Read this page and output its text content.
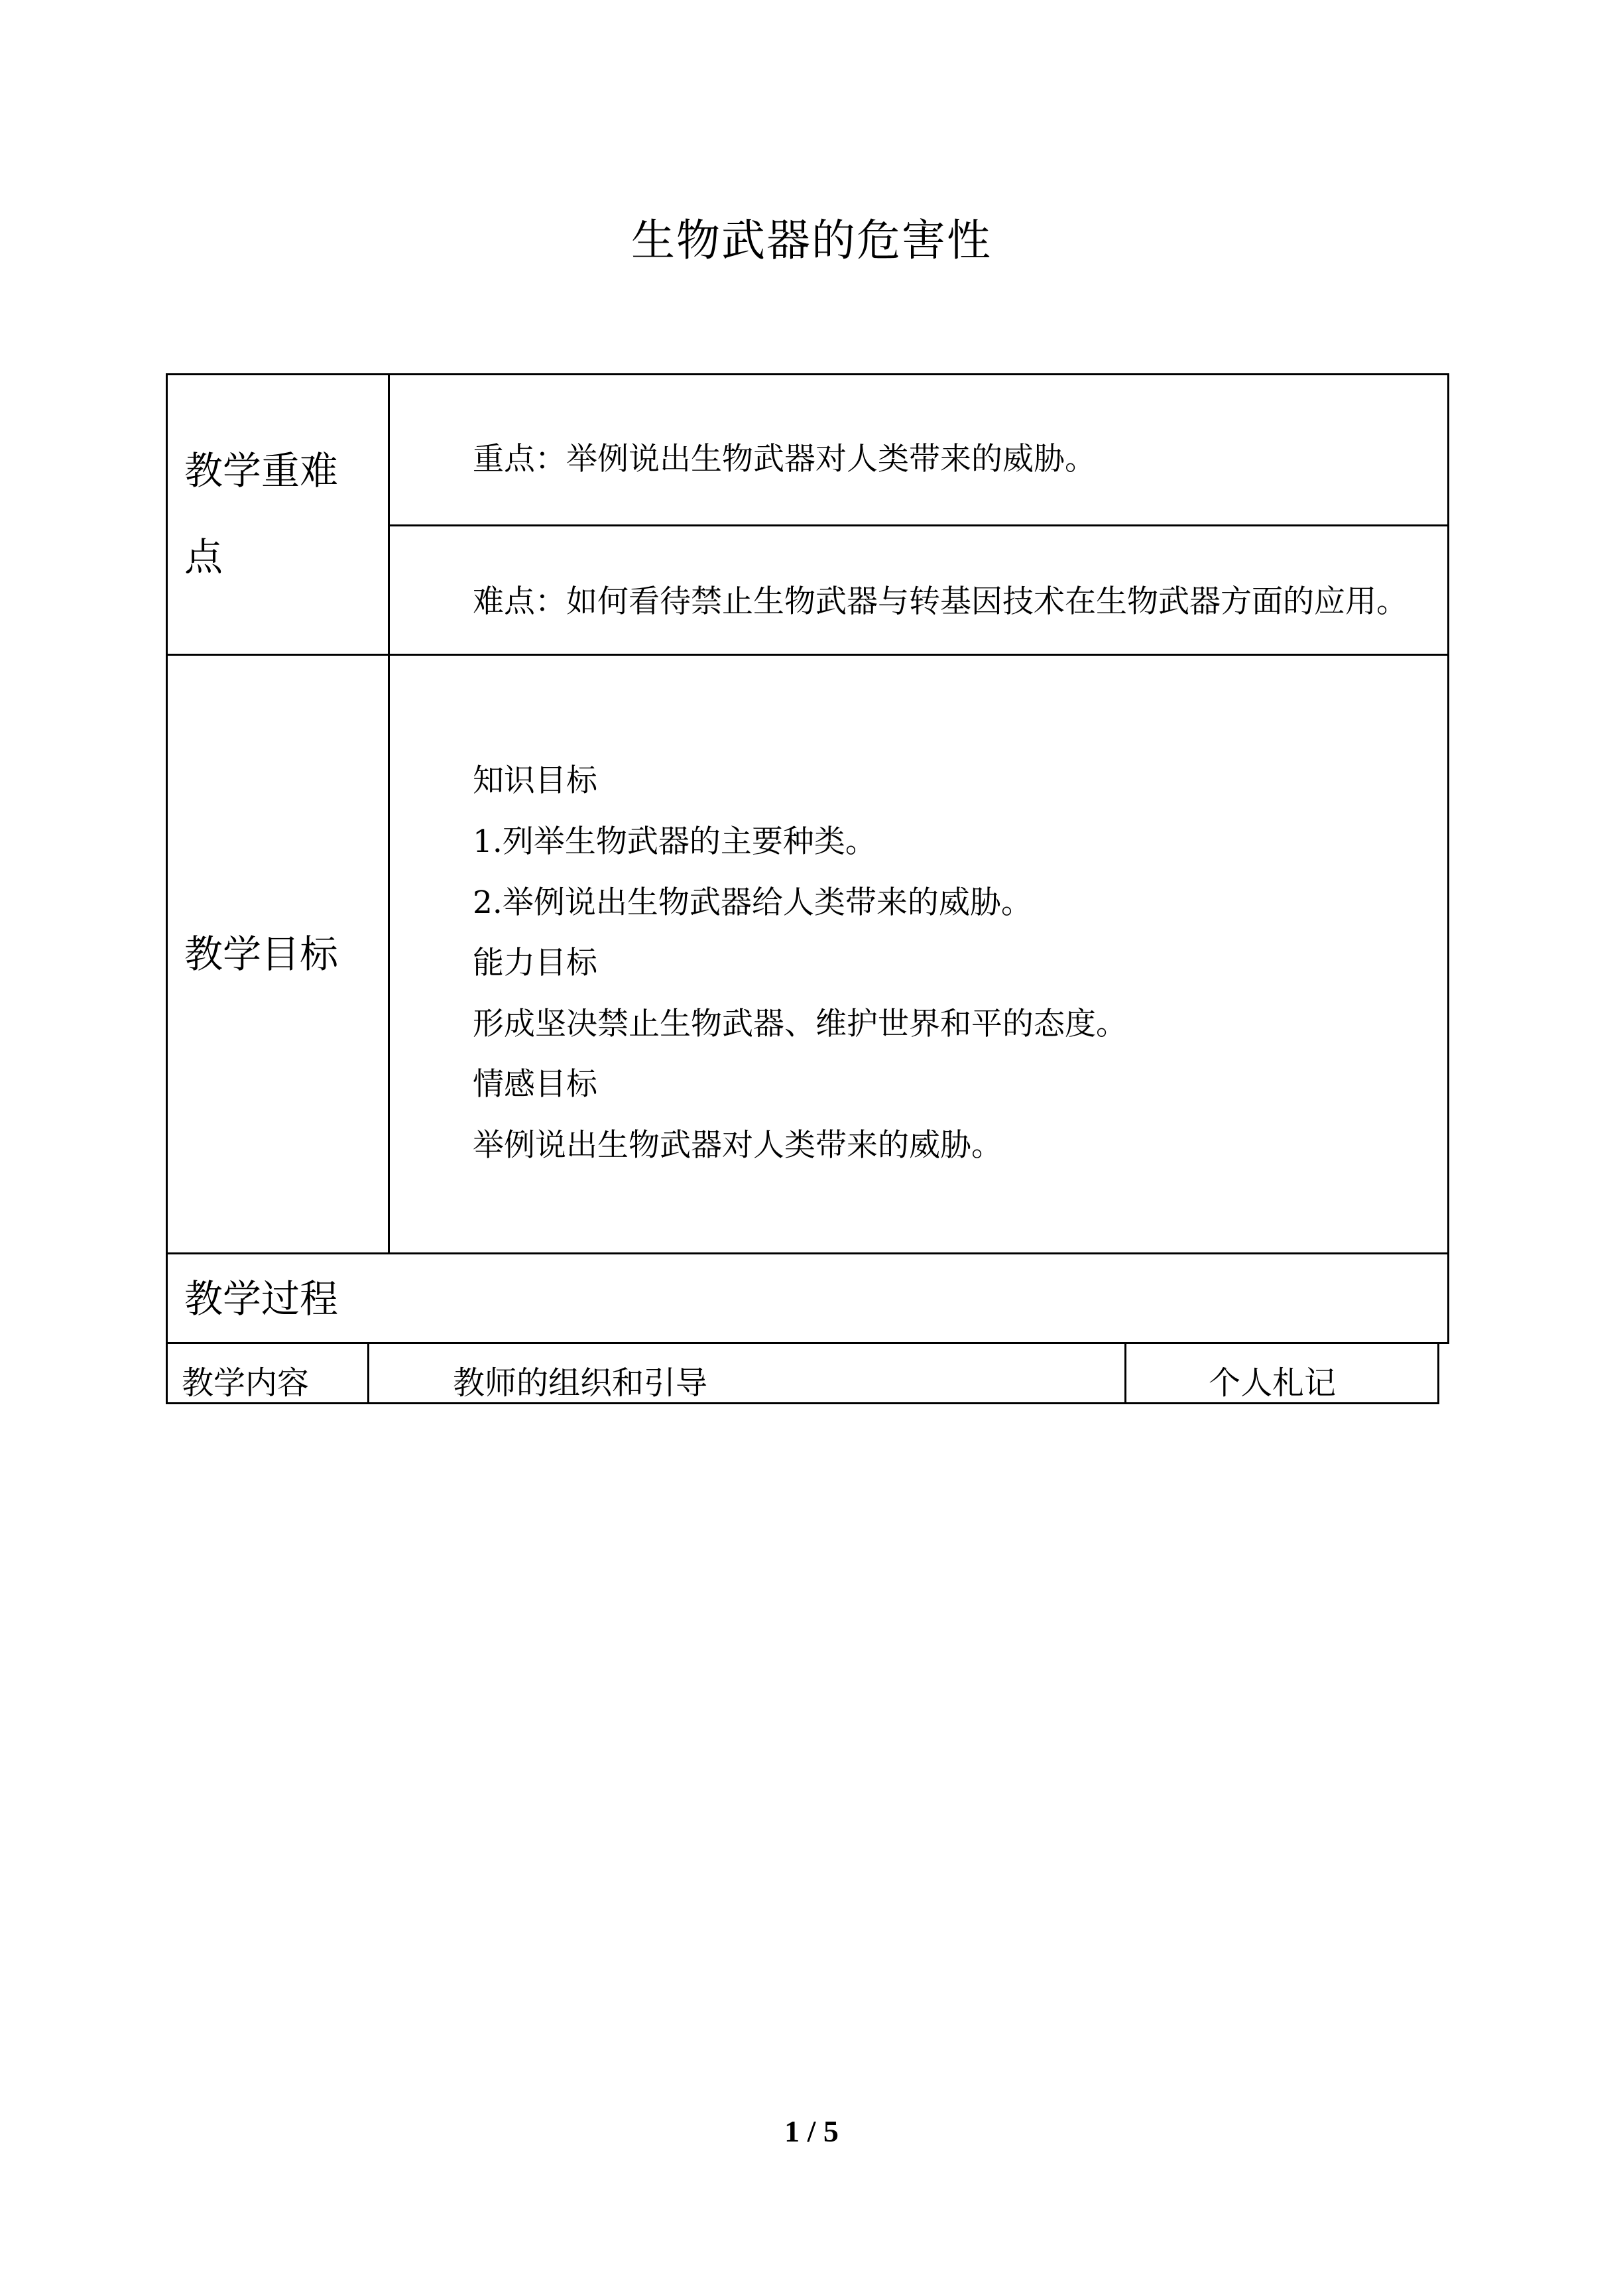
生物武器的危害性
教学重难
点
重点：举例说出生物武器对人类带来的威胁。
难点：如何看待禁止生物武器与转基因技术在生物武器方面的应用。
教学目标
知识目标
1.列举生物武器的主要种类。
2.举例说出生物武器给人类带来的威胁。
能力目标
形成坚决禁止生物武器、维护世界和平的态度。
情感目标
举例说出生物武器对人类带来的威胁。
教学过程
教学内容	教师的组织和引导	个人札记
1 / 5
